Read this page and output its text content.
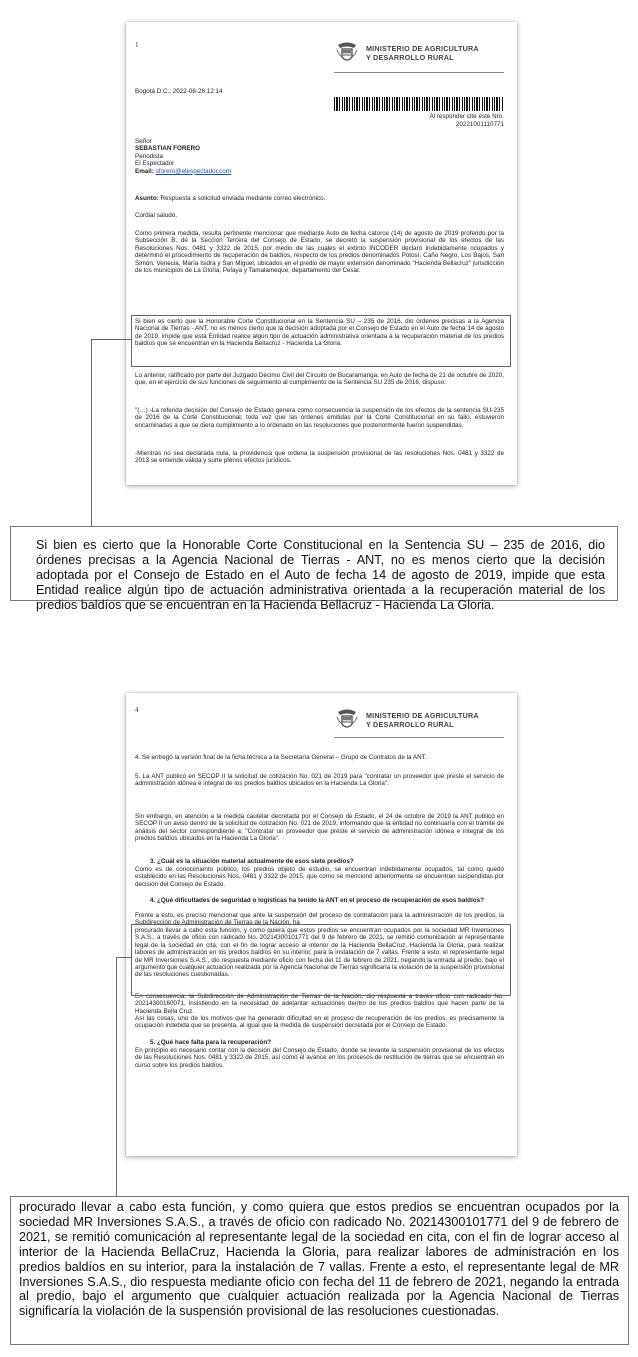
1	MINISTERIO DE AGRICULTURA
Y DESARROLLO RURAL

Bogotá D.C., 2022-08-26 12:14

Al responder cite este Nro.

20221001110771

Señor

SEBASTIAN FORERO

Periodista

El Espectador

Email: sforero@elespectador.com

Asunto: Respuesta a solicitud enviada mediante correo electrónico.

Cordial saludo,

Como primera medida, resulta pertinente mencionar que mediante Auto de fecha catorce (14) de agosto de 2019 proferido por la Subsección B, de la Sección Tercera del Consejo de Estado, se decretó la suspensión provisional de los efectos de las Resoluciones Nos. 0481 y 3322 de 2015, por medio de las cuales el extinto INCODER declaró indebidamente ocupados y determinó el procedimiento de recuperación de baldíos, respecto de los predios denominados Potosí, Caño Negro, Los Bajos, San Simón, Venecia, María Isidra y San Miguel, ubicados en el predio de mayor extensión denominado "Hacienda Bellacruz" jurisdicción de los municipios de La Gloria, Pelaya y Tamalameque, departamento del Cesar.

Si bien es cierto que la Honorable Corte Constitucional en la Sentencia SU – 235 de 2016, dio órdenes precisas a la Agencia Nacional de Tierras - ANT, no es menos cierto que la decisión adoptada por el Consejo de Estado en el Auto de fecha 14 de agosto de 2019, impide que esta Entidad realice algún tipo de actuación administrativa orientada a la recuperación material de los predios baldíos que se encuentran en la Hacienda Bellacruz - Hacienda La Gloria.

Lo anterior, ratificado por parte del Juzgado Décimo Civil del Circuito de Bucaramanga, en Auto de fecha de 21 de octubre de 2020, que, en el ejercicio de sus funciones de seguimiento al cumplimiento de la Sentencia SU 235 de 2016, dispuso:

"(…) -La referida decisión del Consejo de Estado genera como consecuencia la suspensión de los efectos de la sentencia SU-235 de 2016 de la Corte Constitucional, toda vez que las órdenes emitidas por la Corte Constitucional en su fallo, estuvieron encaminadas a que se diera cumplimiento a lo ordenado en las resoluciones que posteriormente fueron suspendidas.

-Mientras no sea declarada nula, la providencia que ordena la suspensión provisional de las resoluciones Nos. 0481 y 3322 de 2013 se entiende válida y surte plenos efectos jurídicos.

Si bien es cierto que la Honorable Corte Constitucional en la Sentencia SU – 235 de 2016, dio órdenes precisas a la Agencia Nacional de Tierras - ANT, no es menos cierto que la decisión adoptada por el Consejo de Estado en el Auto de fecha 14 de agosto de 2019, impide que esta Entidad realice algún tipo de actuación administrativa orientada a la recuperación material de los predios baldíos que se encuentran en la Hacienda Bellacruz - Hacienda La Gloria.

4
MINISTERIO DE AGRICULTURA
Y DESARROLLO RURAL

4. Se entregó la versión final de la ficha técnica a la Secretaría General – Grupo de Contratos de la ANT.

5. La ANT publicó en SECOP II la solicitud de cotización No. 021 de 2019 para "contratar un proveedor que preste el servicio de administración idónea e integral de los predios baldíos ubicados en la Hacienda La Gloria".

Sin embargo, en atención a la medida cautelar decretada por el Consejo de Estado, el 24 de octubre de 2019 la ANT publicó en SECOP II un aviso dentro de la solicitud de cotización No. 021 de 2019, informando que la entidad no continuaría con el trámite de análisis del sector correspondiente a: "Contratar un proveedor que preste el servicio de administración idónea e integral de los predios baldíos ubicados en la Hacienda La Gloria".

3. ¿Cuál es la situación material actualmente de esos siete predios?

Como es de conocimiento público, los predios objeto de estudio, se encuentran indebidamente ocupados, tal como quedó establecido en las Resoluciones Nos. 0481 y 3322 de 2015, que como se mencionó anteriormente se encuentran suspendidas por decisión del Consejo de Estado.

4. ¿Qué dificultades de seguridad o logísticas ha tenido la ANT en el proceso de recuperación de esos baldíos?

Frente a esto, es preciso mencionar que ante la suspensión del proceso de contratación para la administración de los predios, la Subdirección de Administración de Tierras de la Nación, ha

procurado llevar a cabo esta función, y como quiera que estos predios se encuentran ocupados por la sociedad MR Inversiones S.A.S., a través de oficio con radicado No. 20214300101771 del 9 de febrero de 2021, se remitió comunicación al representante legal de la sociedad en cita, con el fin de lograr acceso al interior de la Hacienda BellaCruz, Hacienda la Gloria, para realizar labores de administración en los predios baldíos en su interior, para la instalación de 7 vallas. Frente a esto, el representante legal de MR Inversiones S.A.S., dio respuesta mediante oficio con fecha del 11 de febrero de 2021, negando la entrada al predio, bajo el argumento que cualquier actuación realizada por la Agencia Nacional de Tierras significaría la violación de la suspensión provisional de las resoluciones cuestionadas.

En consecuencia, la Subdirección de Administración de Tierras de la Nación, dio respuesta a través oficio con radicado No. 20214300160071, insistiendo en la necesidad de adelantar actuaciones dentro de los predios baldíos que hacen parte de la Hacienda Bella Cruz.

Así las cosas, uno de los motivos que ha generado dificultad en el proceso de recuperación de los predios, es precisamente la ocupación indebida que se presenta, al igual que la medida de suspensión decretada por el Consejo de Estado.

5. ¿Qué hace falta para la recuperación?

En principio es necesario contar con la decisión del Consejo de Estado, donde se levante la suspensión provisional de los efectos de las Resoluciones Nos. 0481 y 3322 de 2015, así como el avance en los procesos de restitución de tierras que se encuentran en curso sobre los predios baldíos.

procurado llevar a cabo esta función, y como quiera que estos predios se encuentran ocupados por la sociedad MR Inversiones S.A.S., a través de oficio con radicado No. 20214300101771 del 9 de febrero de 2021, se remitió comunicación al representante legal de la sociedad en cita, con el fin de lograr acceso al interior de la Hacienda BellaCruz, Hacienda la Gloria, para realizar labores de administración en los predios baldíos en su interior, para la instalación de 7 vallas. Frente a esto, el representante legal de MR Inversiones S.A.S., dio respuesta mediante oficio con fecha del 11 de febrero de 2021, negando la entrada al predio, bajo el argumento que cualquier actuación realizada por la Agencia Nacional de Tierras significaría la violación de la suspensión provisional de las resoluciones cuestionadas.
